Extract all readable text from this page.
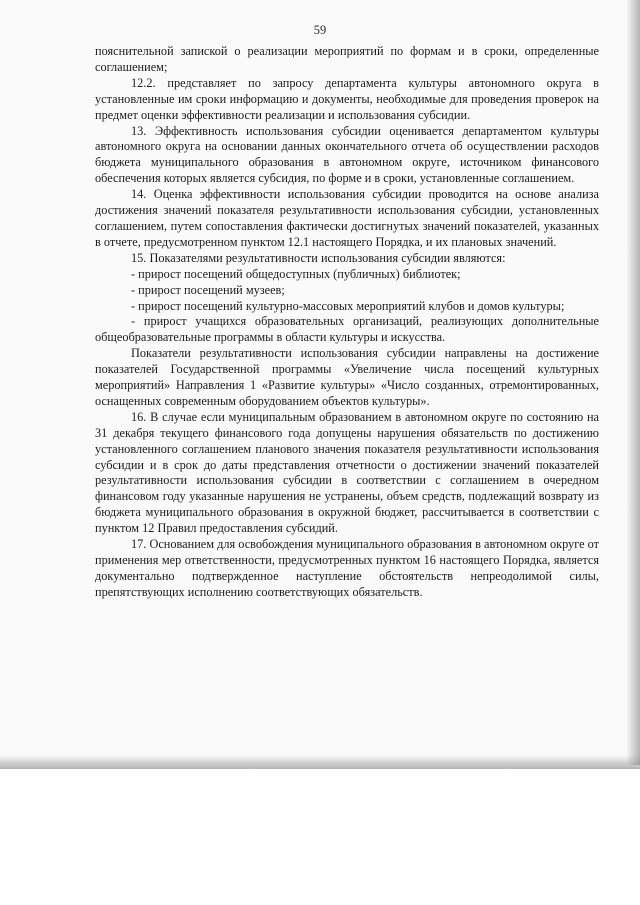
59

пояснительной запиской о реализации мероприятий по формам и в сроки, определенные соглашением;

12.2. представляет по запросу департамента культуры автономного округа в установленные им сроки информацию и документы, необходимые для проведения проверок на предмет оценки эффективности реализации и использования субсидии.

13. Эффективность использования субсидии оценивается департаментом культуры автономного округа на основании данных окончательного отчета об осуществлении расходов бюджета муниципального образования в автономном округе, источником финансового обеспечения которых является субсидия, по форме и в сроки, установленные соглашением.

14. Оценка эффективности использования субсидии проводится на основе анализа достижения значений показателя результативности использования субсидии, установленных соглашением, путем сопоставления фактически достигнутых значений показателей, указанных в отчете, предусмотренном пунктом 12.1 настоящего Порядка, и их плановых значений.

15. Показателями результативности использования субсидии являются:

- прирост посещений общедоступных (публичных) библиотек;

- прирост посещений музеев;

- прирост посещений культурно-массовых мероприятий клубов и домов культуры;

- прирост учащихся образовательных организаций, реализующих дополнительные общеобразовательные программы в области культуры и искусства.

Показатели результативности использования субсидии направлены на достижение показателей Государственной программы «Увеличение числа посещений культурных мероприятий» Направления 1 «Развитие культуры» «Число созданных, отремонтированных, оснащенных современным оборудованием объектов культуры».

16. В случае если муниципальным образованием в автономном округе по состоянию на 31 декабря текущего финансового года допущены нарушения обязательств по достижению установленного соглашением планового значения показателя результативности использования субсидии и в срок до даты представления отчетности о достижении значений показателей результативности использования субсидии в соответствии с соглашением в очередном финансовом году указанные нарушения не устранены, объем средств, подлежащий возврату из бюджета муниципального образования в окружной бюджет, рассчитывается в соответствии с пунктом 12 Правил предоставления субсидий.

17. Основанием для освобождения муниципального образования в автономном округе от применения мер ответственности, предусмотренных пунктом 16 настоящего Порядка, является документально подтвержденное наступление обстоятельств непреодолимой силы, препятствующих исполнению соответствующих обязательств.
